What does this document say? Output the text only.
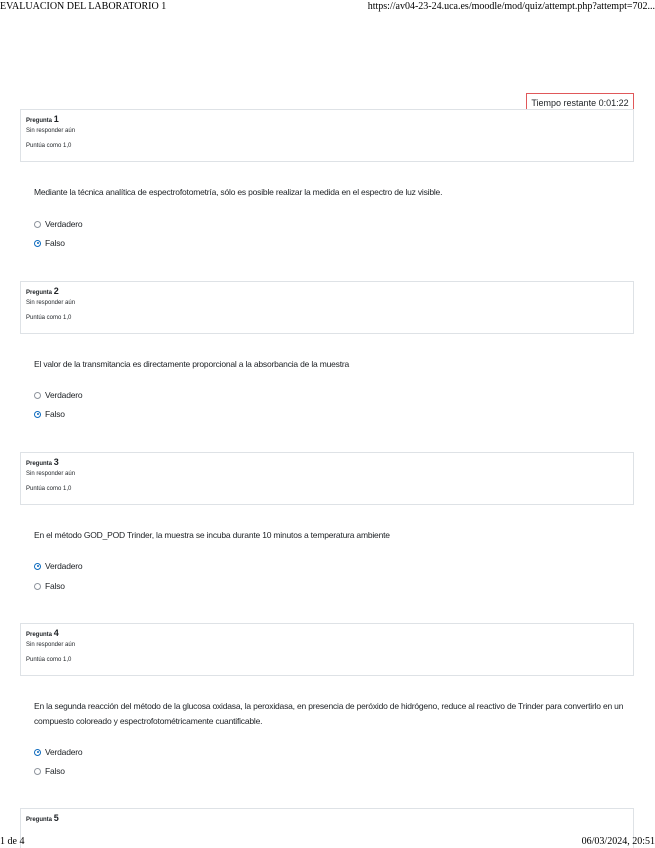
EVALUACION DEL LABORATORIO 1	https://av04-23-24.uca.es/moodle/mod/quiz/attempt.php?attempt=702...
Tiempo restante 0:01:22
Pregunta 1
Sin responder aún
Puntúa como 1,0
Mediante la técnica analítica de espectrofotometría, sólo es posible realizar la medida en el espectro de luz visible.
Verdadero
Falso
Pregunta 2
Sin responder aún
Puntúa como 1,0
El valor de la transmitancia es directamente proporcional a la absorbancia de la muestra
Verdadero
Falso
Pregunta 3
Sin responder aún
Puntúa como 1,0
En el método GOD_POD Trinder, la muestra se incuba durante 10 minutos a temperatura ambiente
Verdadero
Falso
Pregunta 4
Sin responder aún
Puntúa como 1,0
En la segunda reacción del método de la glucosa oxidasa, la peroxidasa, en presencia de peróxido de hidrógeno, reduce al reactivo de Trinder para convertirlo en un compuesto coloreado y espectrofotométricamente cuantificable.
Verdadero
Falso
Pregunta 5
1 de 4	06/03/2024, 20:51
